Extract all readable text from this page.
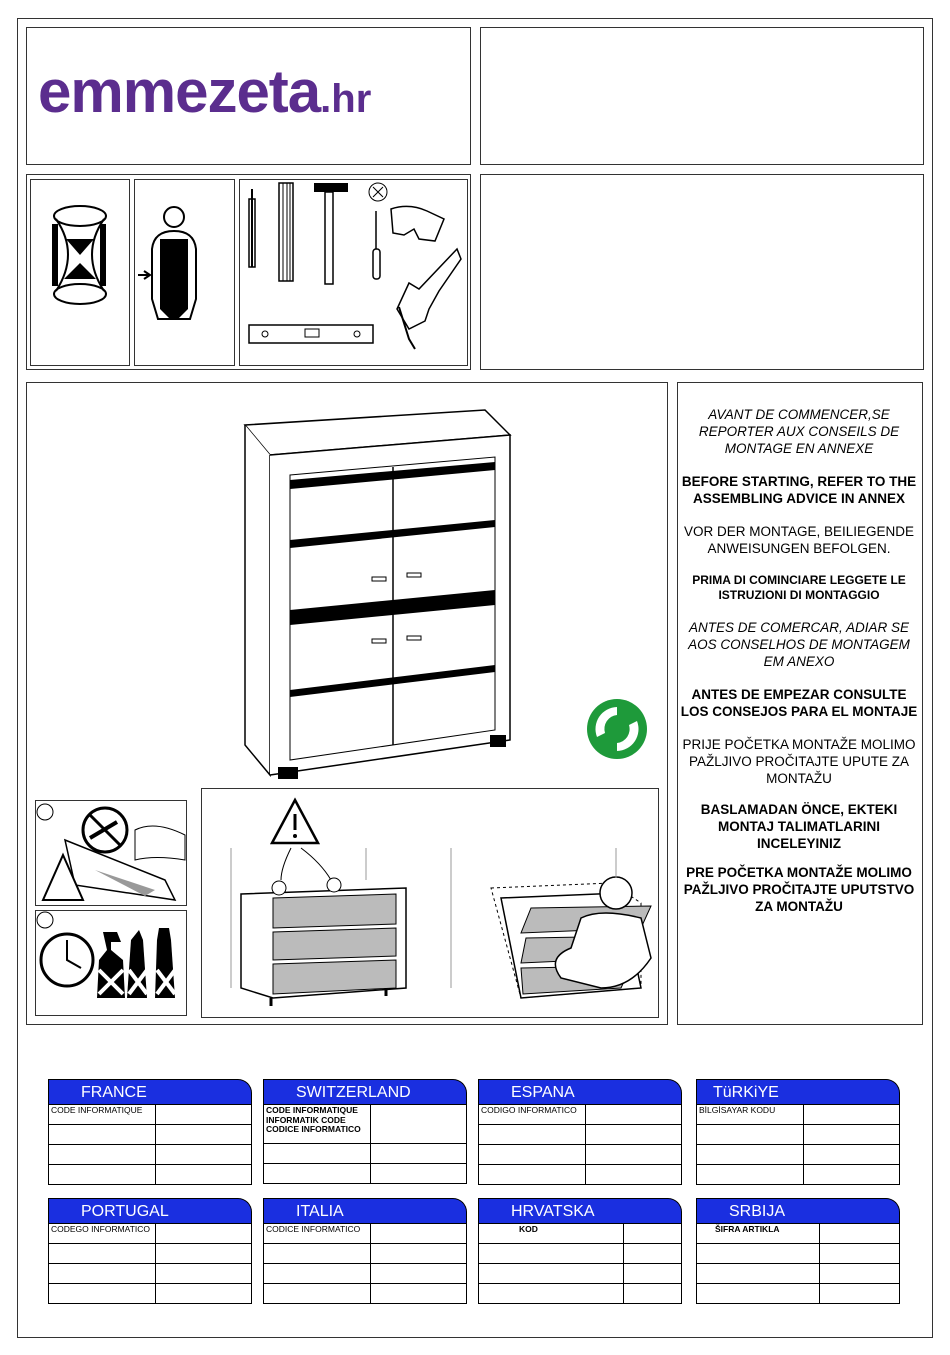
emmezeta.hr

AVANT DE COMMENCER,SE REPORTER AUX CONSEILS DE MONTAGE EN ANNEXE

BEFORE STARTING, REFER TO THE ASSEMBLING ADVICE IN ANNEX

VOR DER MONTAGE, BEILIEGENDE ANWEISUNGEN BEFOLGEN.

PRIMA DI COMINCIARE LEGGETE LE ISTRUZIONI DI MONTAGGIO

ANTES DE COMERCAR, ADIAR SE AOS CONSELHOS DE MONTAGEM EM ANEXO

ANTES DE EMPEZAR CONSULTE LOS CONSEJOS PARA EL MONTAJE

PRIJE POČETKA MONTAŽE MOLIMO PAŽLJIVO PROČITAJTE UPUTE ZA MONTAŽU

BASLAMADAN ÖNCE, EKTEKI MONTAJ TALIMATLARINI INCELEYINIZ

PRE POČETKA MONTAŽE MOLIMO PAŽLJIVO PROČITAJTE UPUTSTVO ZA MONTAŽU

FRANCE
CODE INFORMATIQUE	

SWITZERLAND
CODE INFORMATIQUE INFORMATIK CODE CODICE INFORMATICO	

ESPANA
CODIGO INFORMATICO	

TüRKiYE
BİLGİSAYAR KODU	

PORTUGAL
CODEGO INFORMATICO	

ITALIA
CODICE INFORMATICO	

HRVATSKA
KOD	

SRBIJA
ŠIFRA ARTIKLA	
